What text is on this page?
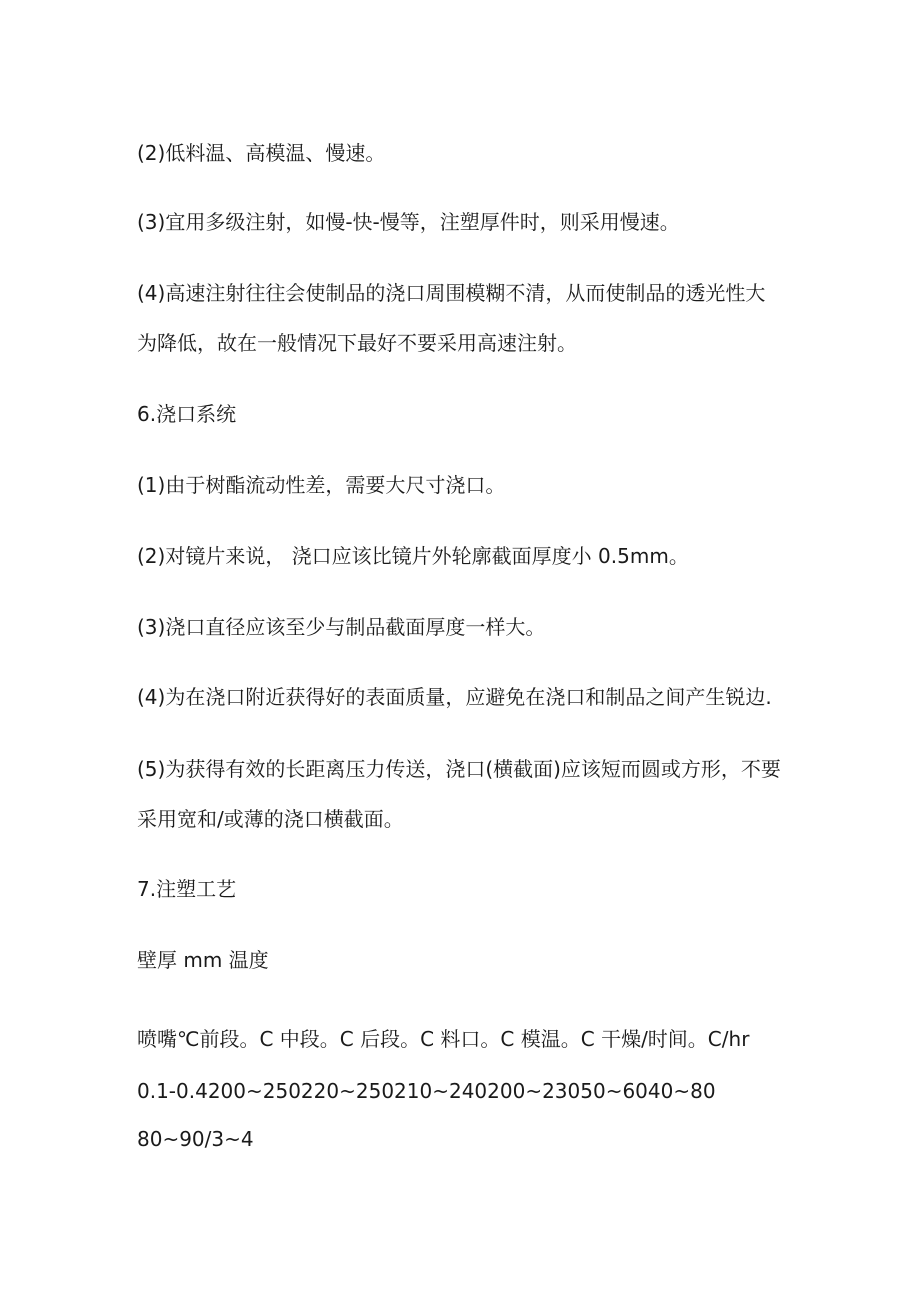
(2)低料温、高模温、慢速。
(3)宜用多级注射，如慢-快-慢等，注塑厚件时，则采用慢速。
(4)高速注射往往会使制品的浇口周围模糊不清，从而使制品的透光性大
为降低，故在一般情况下最好不要采用高速注射。
6.浇口系统
(1)由于树酯流动性差，需要大尺寸浇口。
(2)对镜片来说， 浇口应该比镜片外轮廓截面厚度小 0.5mm。
(3)浇口直径应该至少与制品截面厚度一样大。
(4)为在浇口附近获得好的表面质量，应避免在浇口和制品之间产生锐边.
(5)为获得有效的长距离压力传送，浇口(横截面)应该短而圆或方形，不要
采用宽和/或薄的浇口横截面。
7.注塑工艺
壁厚 mm 温度
喷嘴℃前段。C 中段。C 后段。C 料口。C 模温。C 干燥/时间。C/hr
0.1-0.4200~250220~250210~240200~23050~6040~80
80~90/3~4
